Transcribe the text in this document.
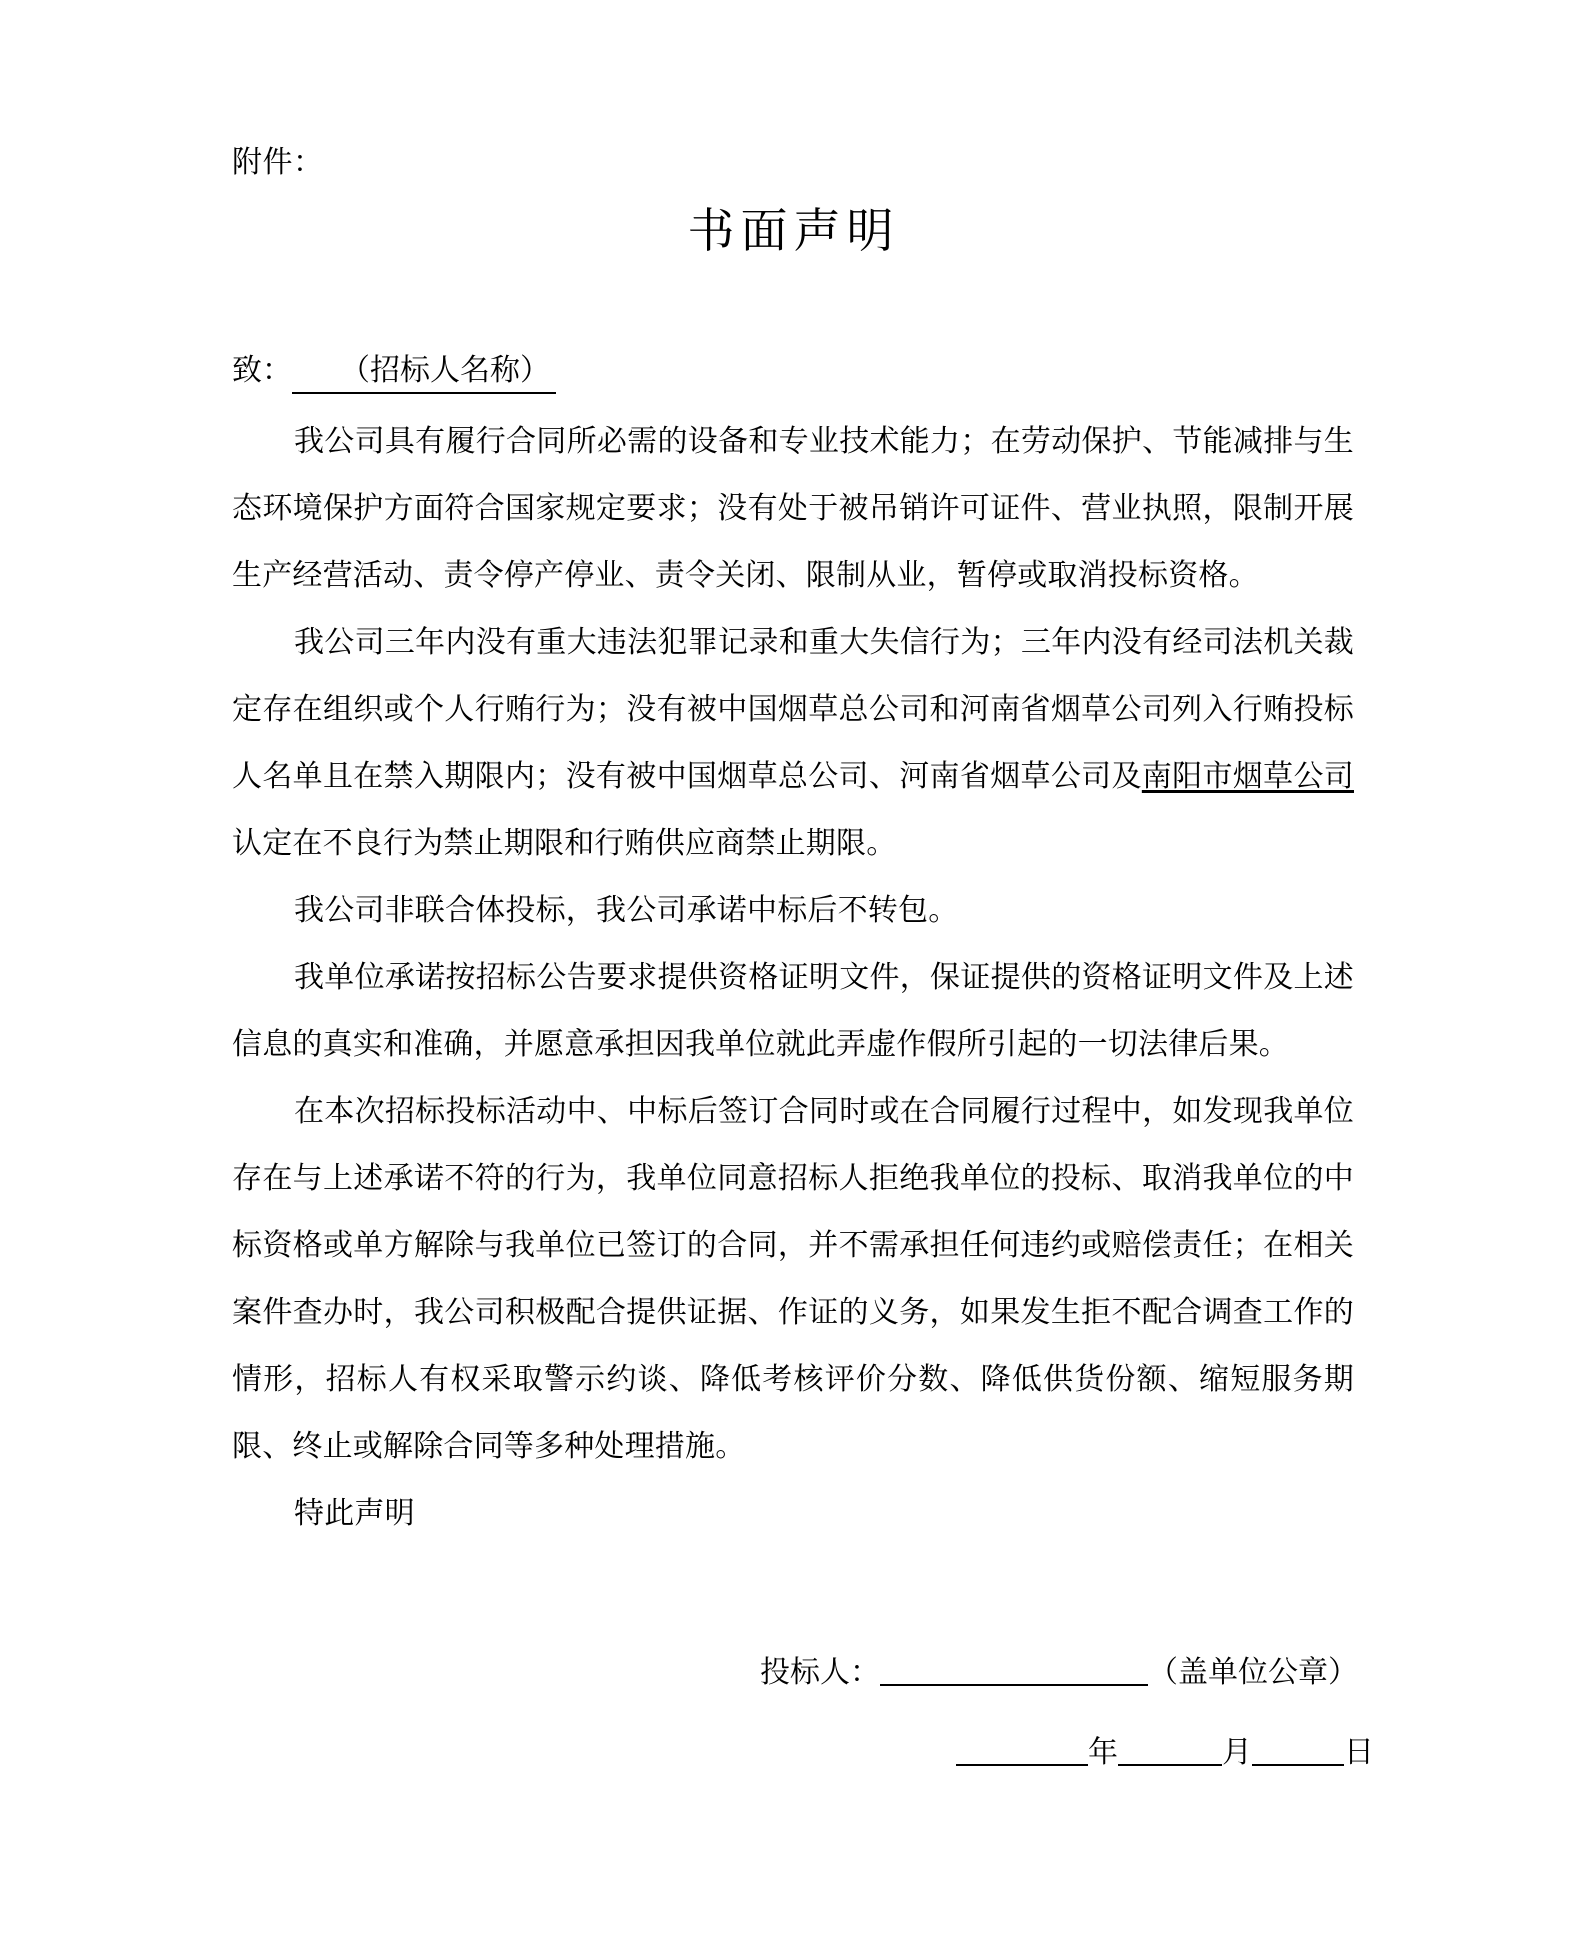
附件：
书面声明
致： （招标人名称）

我公司具有履行合同所必需的设备和专业技术能力；在劳动保护、节能减排与生态环境保护方面符合国家规定要求；没有处于被吊销许可证件、营业执照，限制开展生产经营活动、责令停产停业、责令关闭、限制从业，暂停或取消投标资格。

我公司三年内没有重大违法犯罪记录和重大失信行为；三年内没有经司法机关裁定存在组织或个人行贿行为；没有被中国烟草总公司和河南省烟草公司列入行贿投标人名单且在禁入期限内；没有被中国烟草总公司、河南省烟草公司及南阳市烟草公司认定在不良行为禁止期限和行贿供应商禁止期限。

我公司非联合体投标，我公司承诺中标后不转包。

我单位承诺按招标公告要求提供资格证明文件，保证提供的资格证明文件及上述信息的真实和准确，并愿意承担因我单位就此弄虚作假所引起的一切法律后果。

在本次招标投标活动中、中标后签订合同时或在合同履行过程中，如发现我单位存在与上述承诺不符的行为，我单位同意招标人拒绝我单位的投标、取消我单位的中标资格或单方解除与我单位已签订的合同，并不需承担任何违约或赔偿责任；在相关案件查办时，我公司积极配合提供证据、作证的义务，如果发生拒不配合调查工作的情形，招标人有权采取警示约谈、降低考核评价分数、降低供货份额、缩短服务期限、终止或解除合同等多种处理措施。

特此声明

投标人：	（盖单位公章）
年	月	日
